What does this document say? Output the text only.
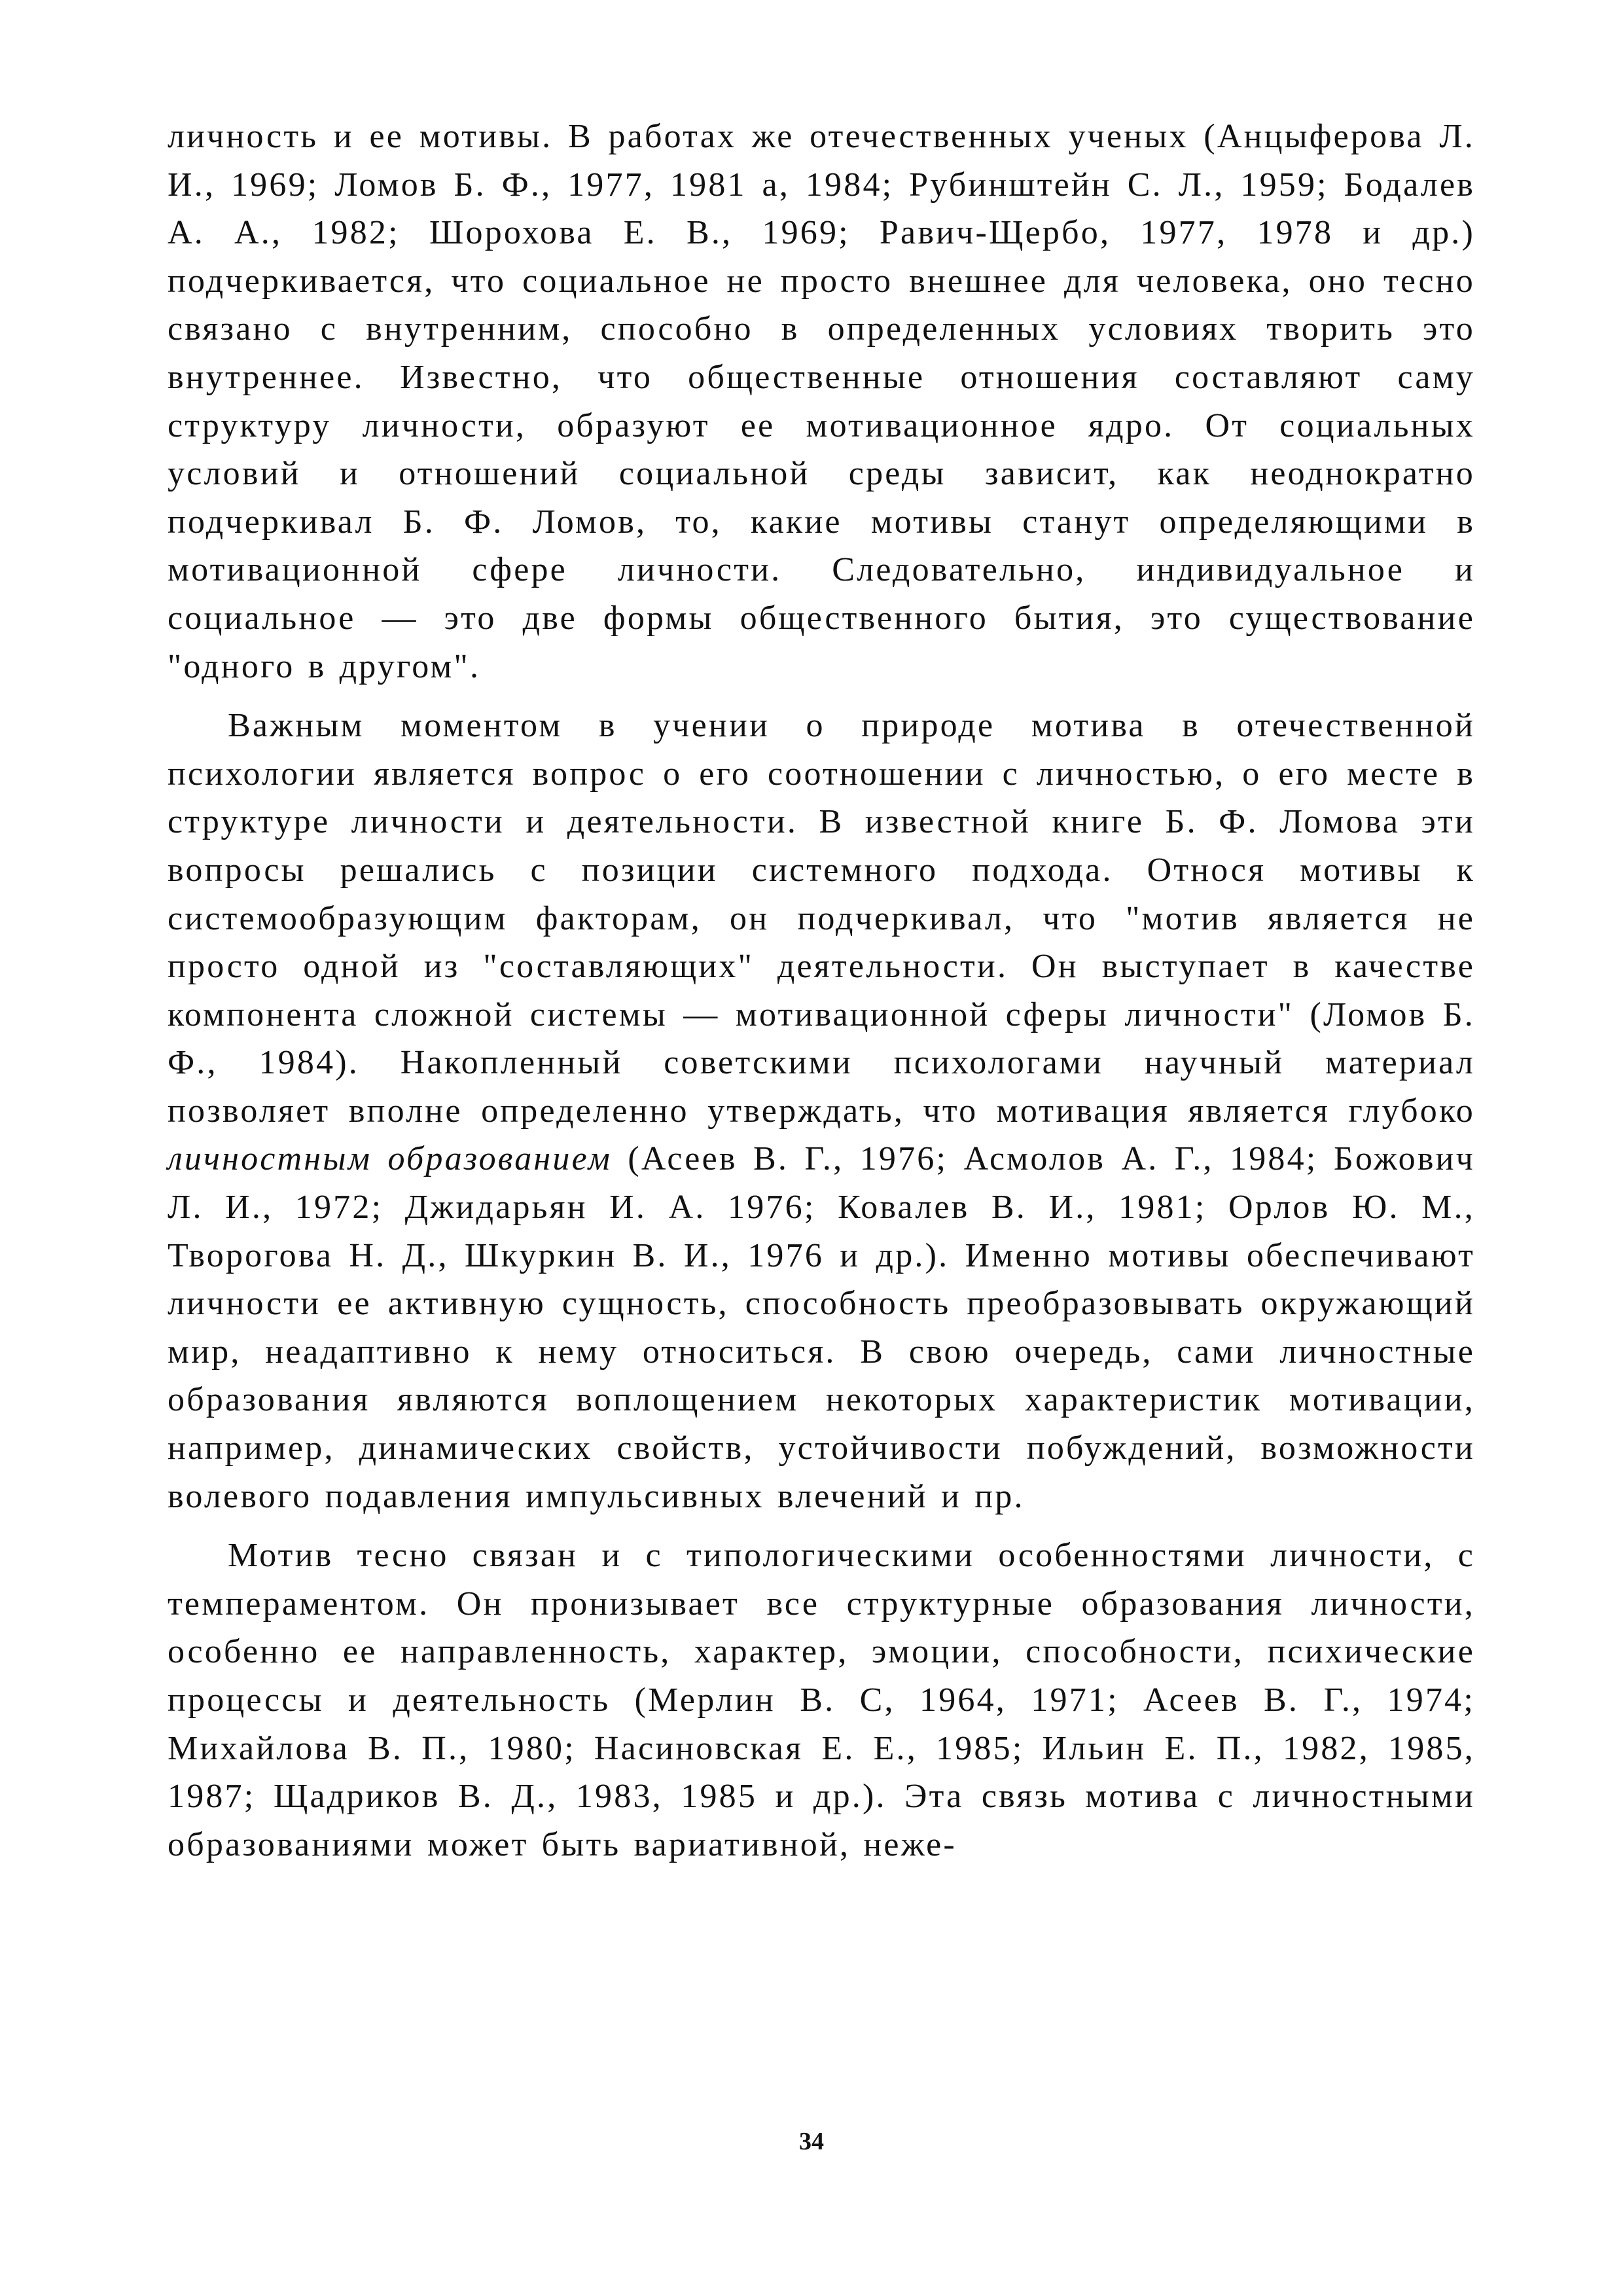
личность и ее мотивы. В работах же отечественных ученых (Анцыферова Л. И., 1969; Ломов Б. Ф., 1977, 1981 а, 1984; Рубинштейн С. Л., 1959; Бодалев А. А., 1982; Шорохова Е. В., 1969; Равич-Щербо, 1977, 1978 и др.) подчеркивается, что социальное не просто внешнее для человека, оно тесно связано с внутренним, способно в определенных условиях творить это внутреннее. Известно, что общественные отношения составляют саму структуру личности, образуют ее мотивационное ядро. От социальных условий и отношений социальной среды зависит, как неоднократно подчеркивал Б. Ф. Ломов, то, какие мотивы станут определяющими в мотивационной сфере личности. Следовательно, индивидуальное и социальное — это две формы общественного бытия, это существование "одного в другом".

Важным моментом в учении о природе мотива в отечественной психологии является вопрос о его соотношении с личностью, о его месте в структуре личности и деятельности. В известной книге Б. Ф. Ломова эти вопросы решались с позиции системного подхода. Относя мотивы к системообразующим факторам, он подчеркивал, что "мотив является не просто одной из "составляющих" деятельности. Он выступает в качестве компонента сложной системы — мотивационной сферы личности" (Ломов Б. Ф., 1984). Накопленный советскими психологами научный материал позволяет вполне определенно утверждать, что мотивация является глубоко личностным образованием (Асеев В. Г., 1976; Асмолов А. Г., 1984; Божович Л. И., 1972; Джидарьян И. А. 1976; Ковалев В. И., 1981; Орлов Ю. М., Творогова Н. Д., Шкуркин В. И., 1976 и др.). Именно мотивы обеспечивают личности ее активную сущность, способность преобразовывать окружающий мир, неадаптивно к нему относиться. В свою очередь, сами личностные образования являются воплощением некоторых характеристик мотивации, например, динамических свойств, устойчивости побуждений, возможности волевого подавления импульсивных влечений и пр.

Мотив тесно связан и с типологическими особенностями личности, с темпераментом. Он пронизывает все структурные образования личности, особенно ее направленность, характер, эмоции, способности, психические процессы и деятельность (Мерлин В. С, 1964, 1971; Асеев В. Г., 1974; Михайлова В. П., 1980; Насиновская Е. Е., 1985; Ильин Е. П., 1982, 1985, 1987; Щадриков В. Д., 1983, 1985 и др.). Эта связь мотива с личностными образованиями может быть вариативной, неже-

34
